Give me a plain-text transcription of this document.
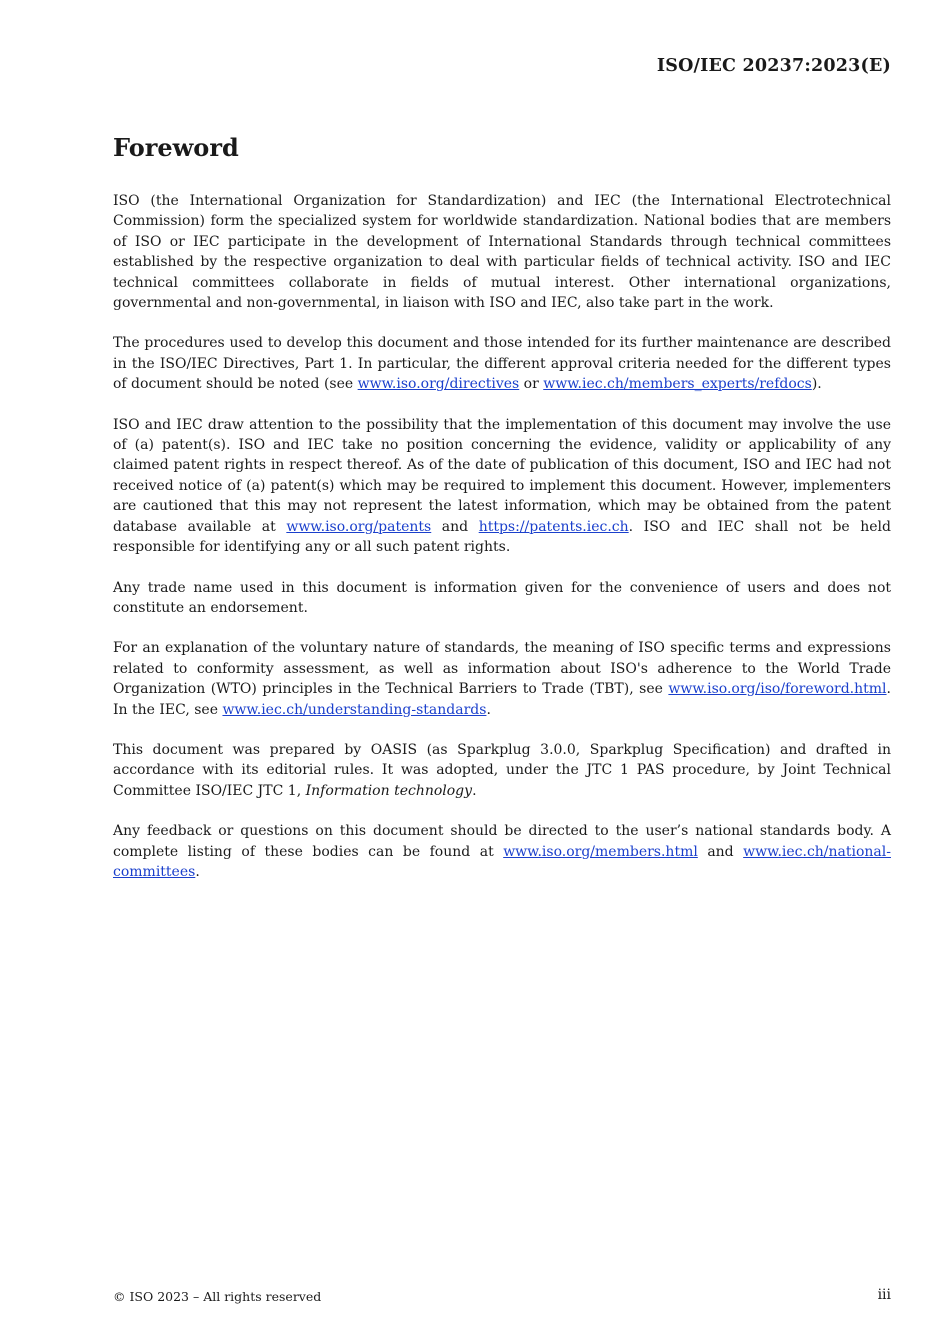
ISO/IEC 20237:2023(E)
Foreword

ISO (the International Organization for Standardization) and IEC (the International Electrotechnical Commission) form the specialized system for worldwide standardization. National bodies that are members of ISO or IEC participate in the development of International Standards through technical committees established by the respective organization to deal with particular fields of technical activity. ISO and IEC technical committees collaborate in fields of mutual interest. Other international organizations, governmental and non-governmental, in liaison with ISO and IEC, also take part in the work.

The procedures used to develop this document and those intended for its further maintenance are described in the ISO/IEC Directives, Part 1. In particular, the different approval criteria needed for the different types of document should be noted (see www.iso.org/directives or www.iec.ch/members_experts/refdocs).

ISO and IEC draw attention to the possibility that the implementation of this document may involve the use of (a) patent(s). ISO and IEC take no position concerning the evidence, validity or applicability of any claimed patent rights in respect thereof. As of the date of publication of this document, ISO and IEC had not received notice of (a) patent(s) which may be required to implement this document. However, implementers are cautioned that this may not represent the latest information, which may be obtained from the patent database available at www.iso.org/patents and https://patents.iec.ch. ISO and IEC shall not be held responsible for identifying any or all such patent rights.

Any trade name used in this document is information given for the convenience of users and does not constitute an endorsement.

For an explanation of the voluntary nature of standards, the meaning of ISO specific terms and expressions related to conformity assessment, as well as information about ISO's adherence to the World Trade Organization (WTO) principles in the Technical Barriers to Trade (TBT), see www.iso.org/iso/foreword.html. In the IEC, see www.iec.ch/understanding-standards.

This document was prepared by OASIS (as Sparkplug 3.0.0, Sparkplug Specification) and drafted in accordance with its editorial rules. It was adopted, under the JTC 1 PAS procedure, by Joint Technical Committee ISO/IEC JTC 1, Information technology.

Any feedback or questions on this document should be directed to the user’s national standards body. A complete listing of these bodies can be found at www.iso.org/members.html and www.iec.ch/national-committees.

© ISO 2023 – All rights reserved	iii
